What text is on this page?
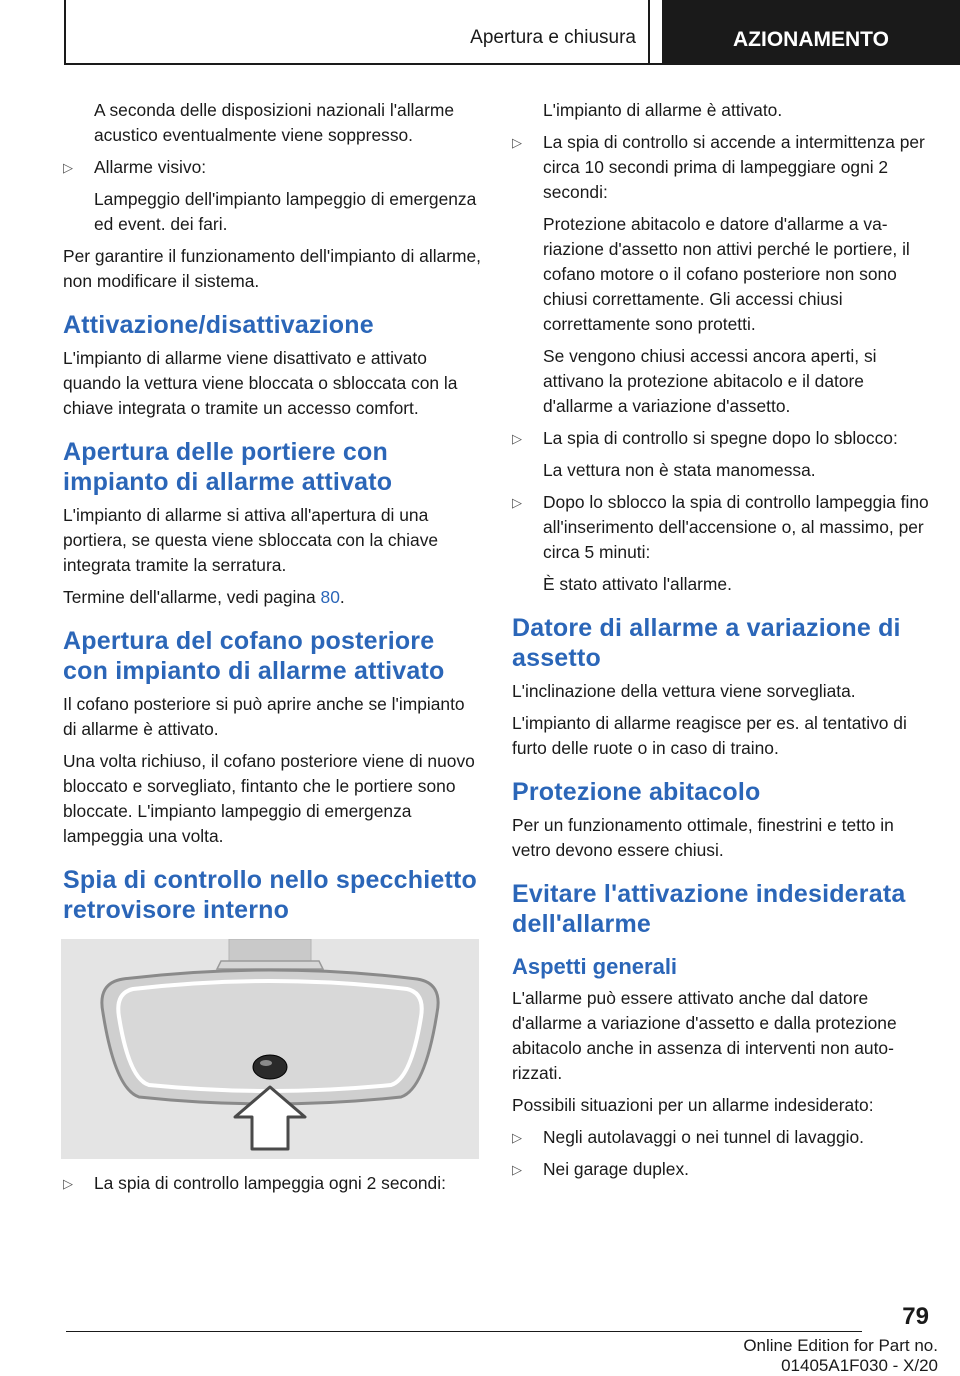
Apertura e chiusura	AZIONAMENTO

A seconda delle disposizioni nazionali l'allarme acustico eventualmente viene soppresso.

▷ Allarme visivo:

Lampeggio dell'impianto lampeggio di emergenza ed event. dei fari.

Per garantire il funzionamento dell'impianto di allarme, non modificare il sistema.

Attivazione/disattivazione

L'impianto di allarme viene disattivato e attivato quando la vettura viene bloccata o sbloccata con la chiave integrata o tramite un accesso comfort.

Apertura delle portiere con impianto di allarme attivato

L'impianto di allarme si attiva all'apertura di una portiera, se questa viene sbloccata con la chiave integrata tramite la serratura.

Termine dell'allarme, vedi pagina 80.

Apertura del cofano posteriore con impianto di allarme attivato

Il cofano posteriore si può aprire anche se l'impianto di allarme è attivato.

Una volta richiuso, il cofano posteriore viene di nuovo bloccato e sorvegliato, fintanto che le portiere sono bloccate. L'impianto lampeggio di emergenza lampeggia una volta.

Spia di controllo nello specchietto retrovisore interno
▷ La spia di controllo lampeggia ogni 2 secondi:

L'impianto di allarme è attivato.

▷ La spia di controllo si accende a intermittenza per circa 10 secondi prima di lampeggiare ogni 2 secondi:

Protezione abitacolo e datore d'allarme a variazione d'assetto non attivi perché le portiere, il cofano motore o il cofano posteriore non sono chiusi correttamente. Gli accessi chiusi correttamente sono protetti.

Se vengono chiusi accessi ancora aperti, si attivano la protezione abitacolo e il datore d'allarme a variazione d'assetto.

▷ La spia di controllo si spegne dopo lo sblocco:

La vettura non è stata manomessa.

▷ Dopo lo sblocco la spia di controllo lampeggia fino all'inserimento dell'accensione o, al massimo, per circa 5 minuti:

È stato attivato l'allarme.

Datore di allarme a variazione di assetto

L'inclinazione della vettura viene sorvegliata.

L'impianto di allarme reagisce per es. al tentativo di furto delle ruote o in caso di traino.

Protezione abitacolo

Per un funzionamento ottimale, finestrini e tetto in vetro devono essere chiusi.

Evitare l'attivazione indesiderata dell'allarme
Aspetti generali

L'allarme può essere attivato anche dal datore d'allarme a variazione d'assetto e dalla protezione abitacolo anche in assenza di interventi non autorizzati.

Possibili situazioni per un allarme indesiderato:

▷ Negli autolavaggi o nei tunnel di lavaggio.

▷ Nei garage duplex.

79
Online Edition for Part no. 01405A1F030 - X/20
